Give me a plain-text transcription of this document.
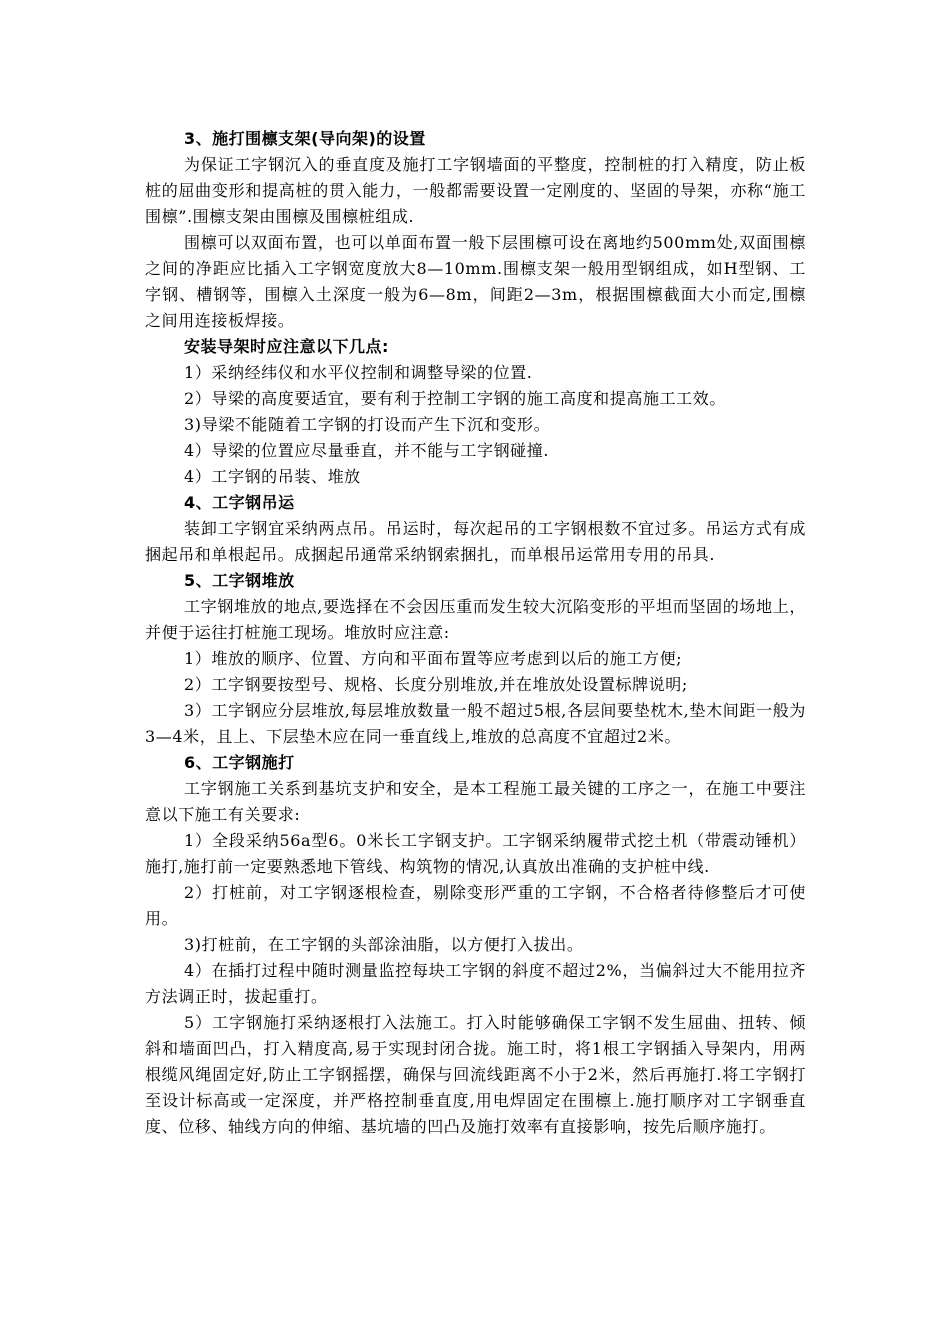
3、施打围檩支架(导向架)的设置

为保证工字钢沉入的垂直度及施打工字钢墙面的平整度，控制桩的打入精度，防止板桩的屈曲变形和提高桩的贯入能力，一般都需要设置一定刚度的、坚固的导架，亦称“施工围檩”.围檩支架由围檩及围檩桩组成.

围檩可以双面布置，也可以单面布置一般下层围檩可设在离地约500mm处,双面围檩之间的净距应比插入工字钢宽度放大8—10mm.围檩支架一般用型钢组成，如H型钢、工字钢、槽钢等，围檩入土深度一般为6—8m，间距2—3m，根据围檩截面大小而定,围檩之间用连接板焊接。

安装导架时应注意以下几点:

1）采纳经纬仪和水平仪控制和调整导梁的位置.

2）导梁的高度要适宜，要有利于控制工字钢的施工高度和提高施工工效。

3)导梁不能随着工字钢的打设而产生下沉和变形。

4）导梁的位置应尽量垂直，并不能与工字钢碰撞.

4）工字钢的吊装、堆放

4、工字钢吊运

装卸工字钢宜采纳两点吊。吊运时，每次起吊的工字钢根数不宜过多。吊运方式有成捆起吊和单根起吊。成捆起吊通常采纳钢索捆扎，而单根吊运常用专用的吊具.

5、工字钢堆放

工字钢堆放的地点,要选择在不会因压重而发生较大沉陷变形的平坦而坚固的场地上，并便于运往打桩施工现场。堆放时应注意:

1）堆放的顺序、位置、方向和平面布置等应考虑到以后的施工方便;

2）工字钢要按型号、规格、长度分别堆放,并在堆放处设置标牌说明;

3）工字钢应分层堆放,每层堆放数量一般不超过5根,各层间要垫枕木,垫木间距一般为3—4米，且上、下层垫木应在同一垂直线上,堆放的总高度不宜超过2米。

6、工字钢施打

工字钢施工关系到基坑支护和安全，是本工程施工最关键的工序之一，在施工中要注意以下施工有关要求:

1）全段采纳56a型6。0米长工字钢支护。工字钢采纳履带式挖土机（带震动锤机）施打,施打前一定要熟悉地下管线、构筑物的情况,认真放出准确的支护桩中线.

2）打桩前，对工字钢逐根检查，剔除变形严重的工字钢，不合格者待修整后才可使用。

3)打桩前，在工字钢的头部涂油脂，以方便打入拔出。

4）在插打过程中随时测量监控每块工字钢的斜度不超过2%，当偏斜过大不能用拉齐方法调正时，拔起重打。

5）工字钢施打采纳逐根打入法施工。打入时能够确保工字钢不发生屈曲、扭转、倾斜和墙面凹凸，打入精度高,易于实现封闭合拢。施工时，将1根工字钢插入导架内，用两根缆风绳固定好,防止工字钢摇摆，确保与回流线距离不小于2米，然后再施打.将工字钢打至设计标高或一定深度，并严格控制垂直度,用电焊固定在围檩上.施打顺序对工字钢垂直度、位移、轴线方向的伸缩、基坑墙的凹凸及施打效率有直接影响，按先后顺序施打。
